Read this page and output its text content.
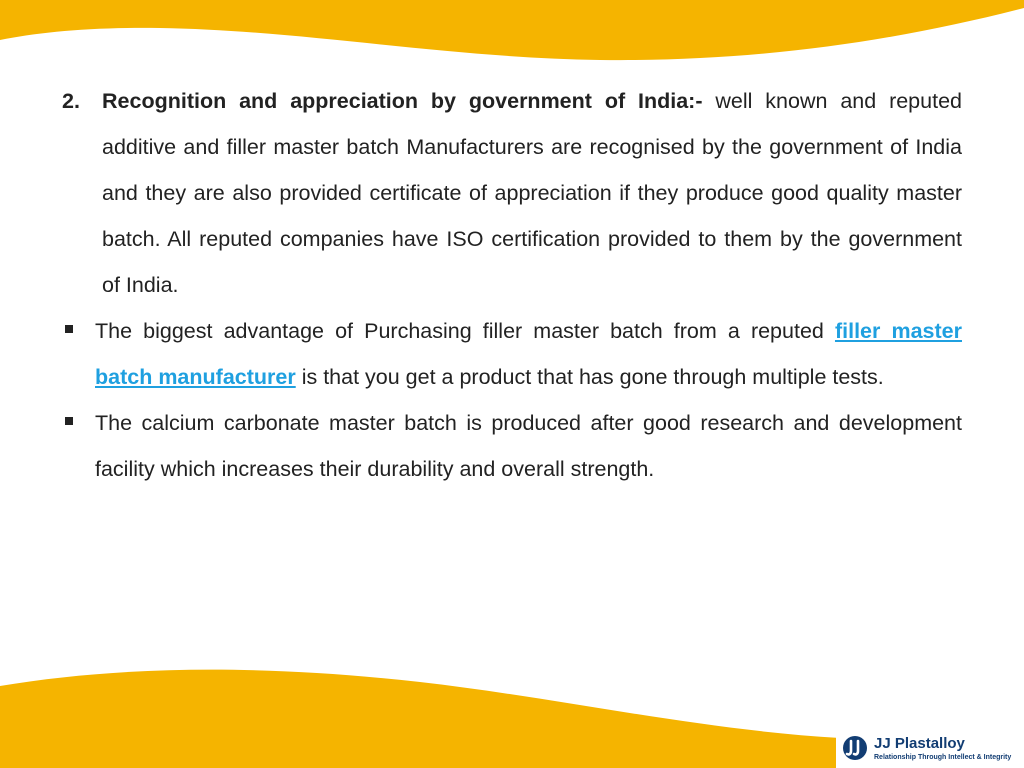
2. Recognition and appreciation by government of India:- well known and reputed additive and filler master batch Manufacturers are recognised by the government of India and they are also provided certificate of appreciation if they produce good quality master batch. All reputed companies have ISO certification provided to them by the government of India.
The biggest advantage of Purchasing filler master batch from a reputed filler master batch manufacturer is that you get a product that has gone through multiple tests.
The calcium carbonate master batch is produced after good research and development facility which increases their durability and overall strength.
JJ Plastalloy
Relationship Through Intellect & Integrity
